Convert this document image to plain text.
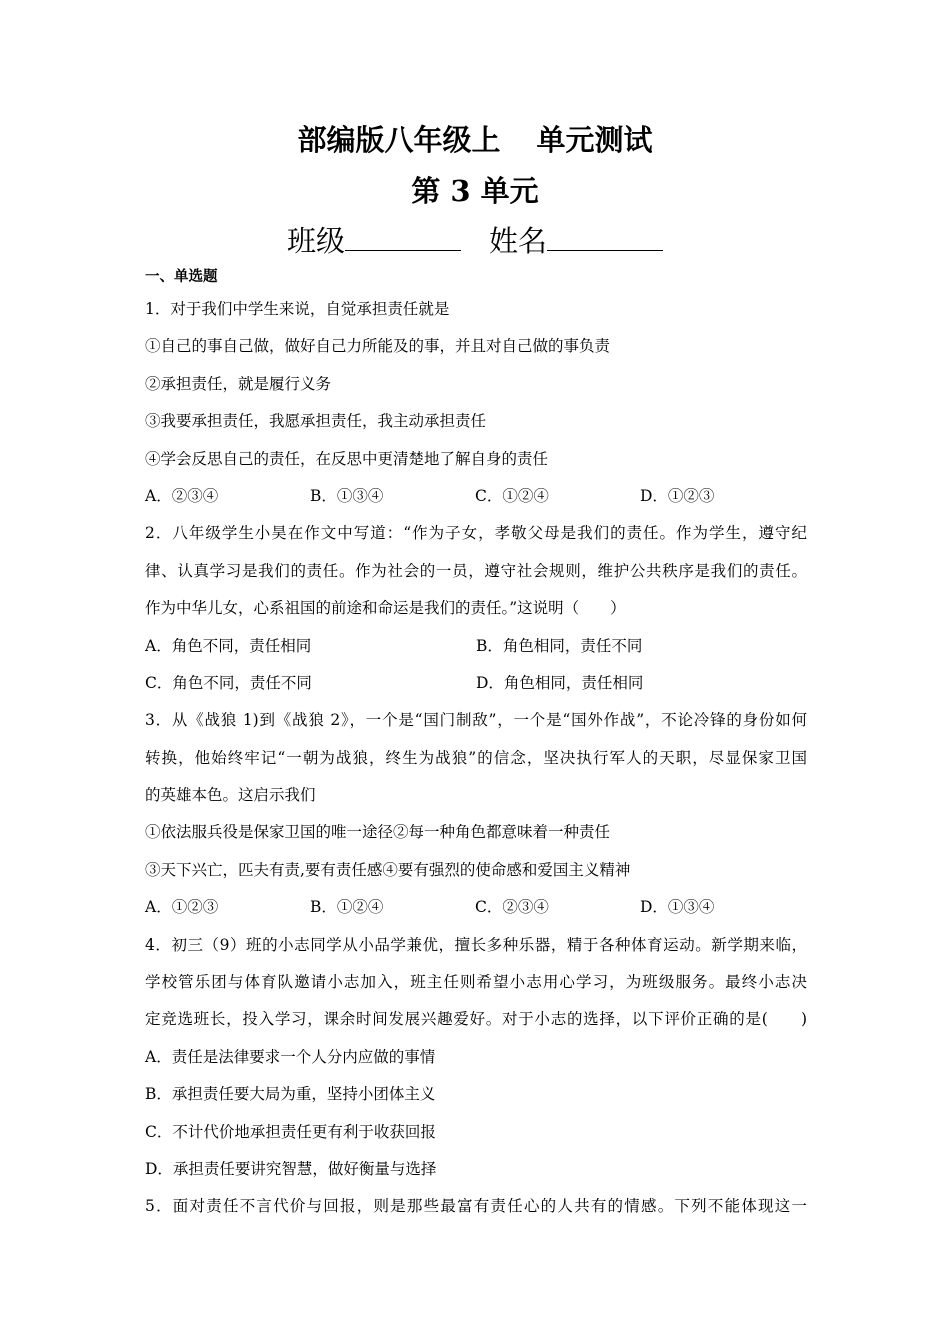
部编版八年级上 单元测试
第 3 单元
班级	姓名
一、单选题
1．对于我们中学生来说，自觉承担责任就是
①自己的事自己做，做好自己力所能及的事，并且对自己做的事负责
②承担责任，就是履行义务
③我要承担责任，我愿承担责任，我主动承担责任
④学会反思自己的责任，在反思中更清楚地了解自身的责任
A．②③④	B．①③④	C．①②④	D．①②③
2．八年级学生小昊在作文中写道：“作为子女，孝敬父母是我们的责任。作为学生，遵守纪
律、认真学习是我们的责任。作为社会的一员，遵守社会规则，维护公共秩序是我们的责任。
作为中华儿女，心系祖国的前途和命运是我们的责任。”这说明（　　）
A．角色不同，责任相同	B．角色相同，责任不同
C．角色不同，责任不同	D．角色相同，责任相同
3．从《战狼 1)到《战狼 2》，一个是“国门制敌”，一个是“国外作战”，不论冷锋的身份如何
转换，他始终牢记“一朝为战狼，终生为战狼”的信念，坚决执行军人的天职，尽显保家卫国
的英雄本色。这启示我们
①依法服兵役是保家卫国的唯一途径②每一种角色都意味着一种责任
③天下兴亡，匹夫有责,要有责任感④要有强烈的使命感和爱国主义精神
A．①②③	B．①②④	C．②③④	D．①③④
4．初三（9）班的小志同学从小品学兼优，擅长多种乐器，精于各种体育运动。新学期来临，
学校管乐团与体育队邀请小志加入，班主任则希望小志用心学习，为班级服务。最终小志决
定竞选班长，投入学习，课余时间发展兴趣爱好。对于小志的选择，以下评价正确的是(　　)
A．责任是法律要求一个人分内应做的事情
B．承担责任要大局为重，坚持小团体主义
C．不计代价地承担责任更有利于收获回报
D．承担责任要讲究智慧，做好衡量与选择
5．面对责任不言代价与回报，则是那些最富有责任心的人共有的情感。下列不能体现这一
